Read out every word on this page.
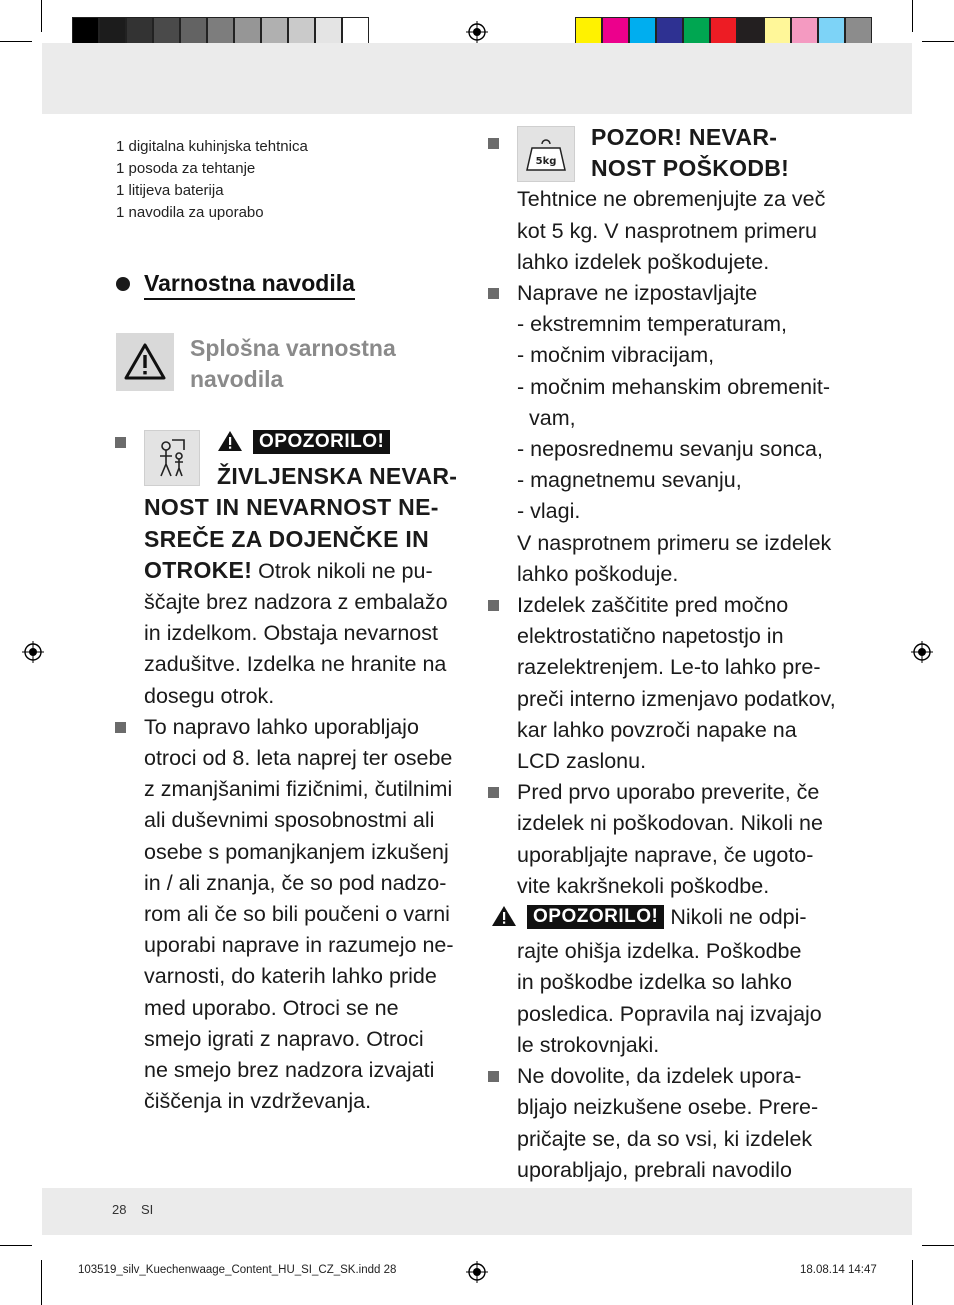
1 digitalna kuhinjska tehtnica
1 posoda za tehtanje
1 litijeva baterija
1 navodila za uporabo
Varnostna navodila
Splošna varnostna
navodila
OPOZORILO!
ŽIVLJENSKA NEVAR-
NOST IN NEVARNOST NE-
SREČE ZA DOJENČKE IN
OTROKE! Otrok nikoli ne pu-
ščajte brez nadzora z embalažo
in izdelkom. Obstaja nevarnost
zadušitve. Izdelka ne hranite na
dosegu otrok.
To napravo lahko uporabljajo
otroci od 8. leta naprej ter osebe
z zmanjšanimi fizičnimi, čutilnimi
ali duševnimi sposobnostmi ali
osebe s pomanjkanjem izkušenj
in / ali znanja, če so pod nadzo-
rom ali če so bili poučeni o varni
uporabi naprave in razumejo ne-
varnosti, do katerih lahko pride
med uporabo. Otroci se ne
smejo igrati z napravo. Otroci
ne smejo brez nadzora izvajati
čiščenja in vzdrževanja.
5kg
POZOR! NEVAR-
NOST POŠKODB!
Tehtnice ne obremenjujte za več
kot 5 kg. V nasprotnem primeru
lahko izdelek poškodujete.
Naprave ne izpostavljajte
- ekstremnim temperaturam,
- močnim vibracijam,
- močnim mehanskim obremenit-
vam,
- neposrednemu sevanju sonca,
- magnetnemu sevanju,
- vlagi.
V nasprotnem primeru se izdelek
lahko poškoduje.
Izdelek zaščitite pred močno
elektrostatično napetostjo in
razelektrenjem. Le-to lahko pre-
preči interno izmenjavo podatkov,
kar lahko povzroči napake na
LCD zaslonu.
Pred prvo uporabo preverite, če
izdelek ni poškodovan. Nikoli ne
uporabljajte naprave, če ugoto-
vite kakršnekoli poškodbe.
OPOZORILO! Nikoli ne odpi-
rajte ohišja izdelka. Poškodbe
in poškodbe izdelka so lahko
posledica. Popravila naj izvajajo
le strokovnjaki.
Ne dovolite, da izdelek upora-
bljajo neizkušene osebe. Prere-
pričajte se, da so vsi, ki izdelek
uporabljajo, prebrali navodilo
28 SI
103519_silv_Kuechenwaage_Content_HU_SI_CZ_SK.indd 28	18.08.14 14:47
